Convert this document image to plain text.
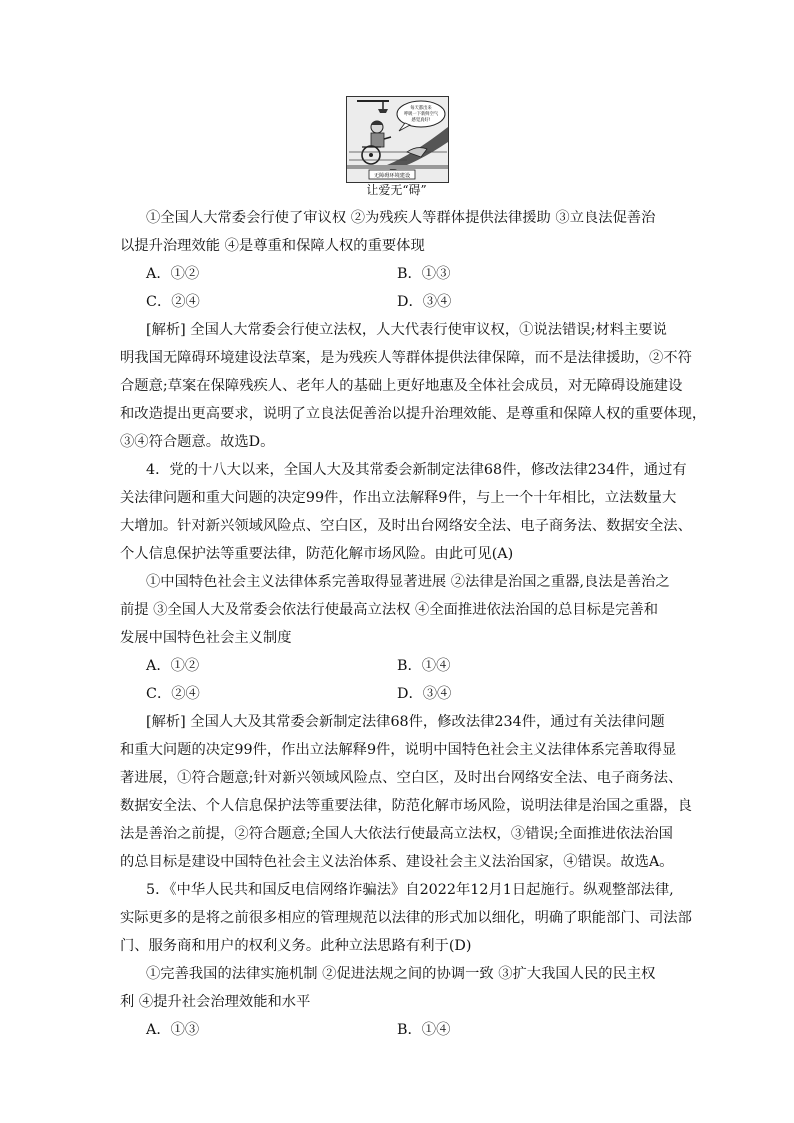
每天都出来
呼吸一下新鲜空气
感觉真好!
无障碍环境建设
让爱无“碍”
①全国人大常委会行使了审议权 ②为残疾人等群体提供法律援助 ③立良法促善治
以提升治理效能 ④是尊重和保障人权的重要体现
A．①②	B．①③
C．②④	D．③④
[解析] 全国人大常委会行使立法权，人大代表行使审议权，①说法错误;材料主要说
明我国无障碍环境建设法草案，是为残疾人等群体提供法律保障，而不是法律援助，②不符
合题意;草案在保障残疾人、老年人的基础上更好地惠及全体社会成员，对无障碍设施建设
和改造提出更高要求，说明了立良法促善治以提升治理效能、是尊重和保障人权的重要体现，
③④符合题意。故选D。
4．党的十八大以来，全国人大及其常委会新制定法律68件，修改法律234件，通过有
关法律问题和重大问题的决定99件，作出立法解释9件，与上一个十年相比，立法数量大
大增加。针对新兴领域风险点、空白区，及时出台网络安全法、电子商务法、数据安全法、
个人信息保护法等重要法律，防范化解市场风险。由此可见(A)
①中国特色社会主义法律体系完善取得显著进展 ②法律是治国之重器,良法是善治之
前提 ③全国人大及常委会依法行使最高立法权 ④全面推进依法治国的总目标是完善和
发展中国特色社会主义制度
A．①②	B．①④
C．②④	D．③④
[解析] 全国人大及其常委会新制定法律68件，修改法律234件，通过有关法律问题
和重大问题的决定99件，作出立法解释9件，说明中国特色社会主义法律体系完善取得显
著进展，①符合题意;针对新兴领域风险点、空白区，及时出台网络安全法、电子商务法、
数据安全法、个人信息保护法等重要法律，防范化解市场风险，说明法律是治国之重器，良
法是善治之前提，②符合题意;全国人大依法行使最高立法权，③错误;全面推进依法治国
的总目标是建设中国特色社会主义法治体系、建设社会主义法治国家，④错误。故选A。
5．《中华人民共和国反电信网络诈骗法》自2022年12月1日起施行。纵观整部法律,
实际更多的是将之前很多相应的管理规范以法律的形式加以细化，明确了职能部门、司法部
门、服务商和用户的权利义务。此种立法思路有利于(D)
①完善我国的法律实施机制 ②促进法规之间的协调一致 ③扩大我国人民的民主权
利 ④提升社会治理效能和水平
A．①③	B．①④
